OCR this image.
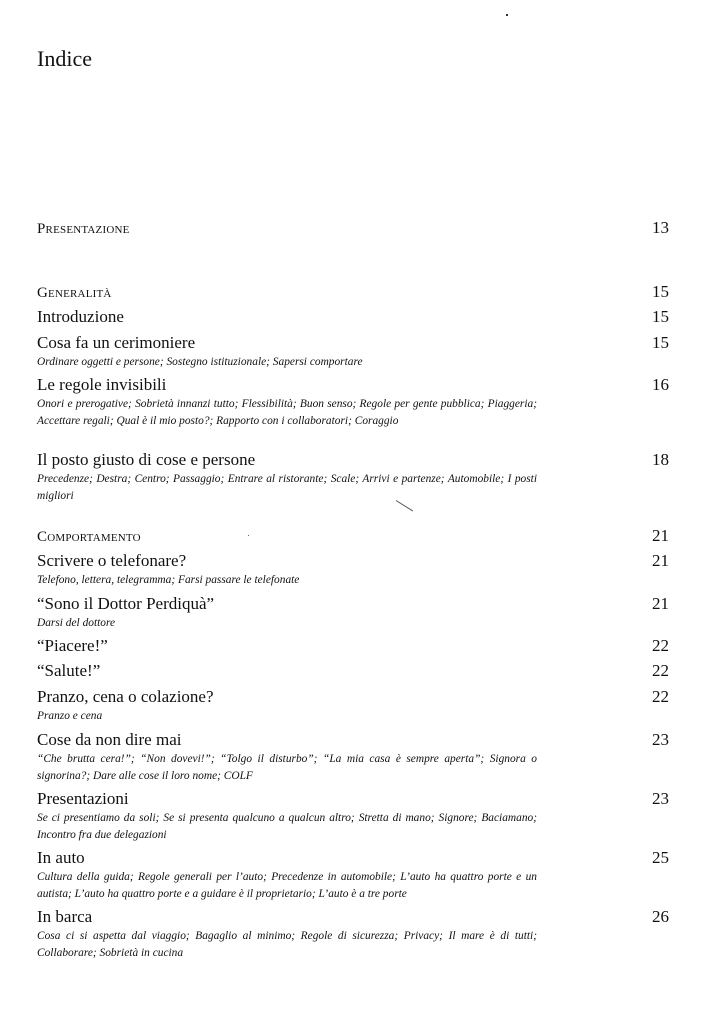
Indice
Presentazione	13
Generalità	15
Introduzione	15
Cosa fa un cerimoniere	15
Ordinare oggetti e persone; Sostegno istituzionale; Sapersi comportare
Le regole invisibili	16
Onori e prerogative; Sobrietà innanzi tutto; Flessibilità; Buon senso; Regole per gente pubblica; Piaggeria; Accettare regali; Qual è il mio posto?; Rapporto con i collaboratori; Coraggio
Il posto giusto di cose e persone	18
Precedenze; Destra; Centro; Passaggio; Entrare al ristorante; Scale; Arrivi e partenze; Automobile; I posti migliori
Comportamento	21
Scrivere o telefonare?	21
Telefono, lettera, telegramma; Farsi passare le telefonate
“Sono il Dottor Perdiquà”	21
Darsi del dottore
“Piacere!”	22
“Salute!”	22
Pranzo, cena o colazione?	22
Pranzo e cena
Cose da non dire mai	23
“Che brutta cera!”; “Non dovevi!”; “Tolgo il disturbo”; “La mia casa è sempre aperta”; Signora o signorina?; Dare alle cose il loro nome; COLF
Presentazioni	23
Se ci presentiamo da soli; Se si presenta qualcuno a qualcun altro; Stretta di mano; Signore; Baciamano; Incontro fra due delegazioni
In auto	25
Cultura della guida; Regole generali per l’auto; Precedenze in automobile; L’auto ha quattro porte e un autista; L’auto ha quattro porte e a guidare è il proprietario; L’auto è a tre porte
In barca	26
Cosa ci si aspetta dal viaggio; Bagaglio al minimo; Regole di sicurezza; Privacy; Il mare è di tutti; Collaborare; Sobrietà in cucina
